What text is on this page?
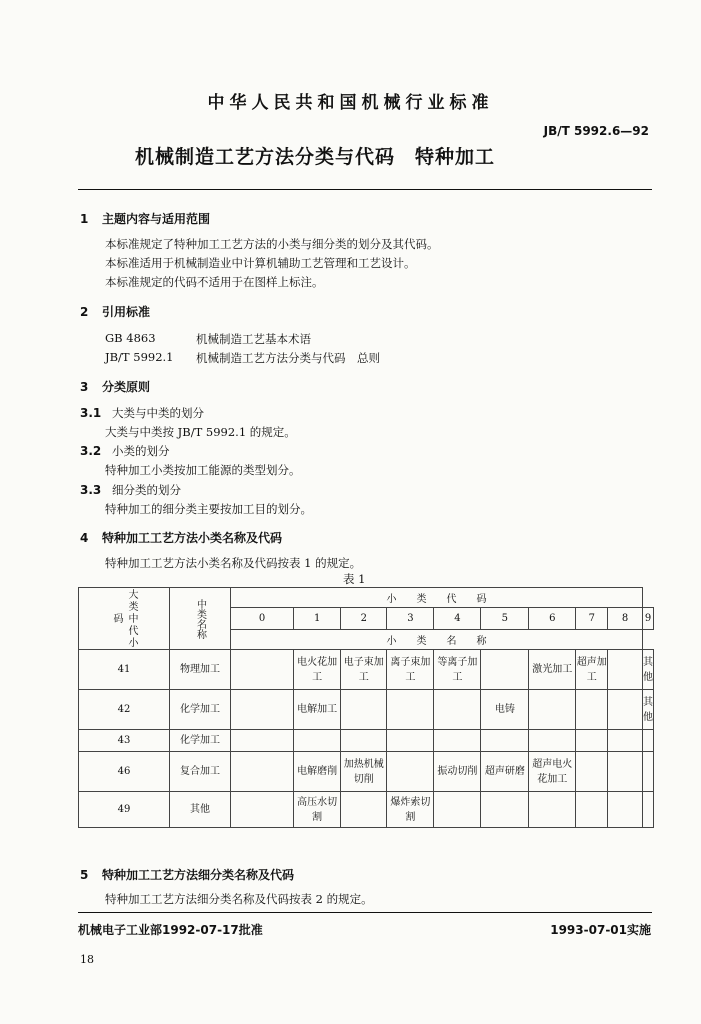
中华人民共和国机械行业标准
JB/T 5992.6—92
机械制造工艺方法分类与代码　特种加工
1 主题内容与适用范围
本标准规定了特种加工工艺方法的小类与细分类的划分及其代码。
本标准适用于机械制造业中计算机辅助工艺管理和工艺设计。
本标准规定的代码不适用于在图样上标注。
2 引用标准
GB 4863	机械制造工艺基本术语
JB/T 5992.1 机械制造工艺方法分类与代码　总则
3 分类原则
3.1 大类与中类的划分
大类与中类按 JB/T 5992.1 的规定。
3.2 小类的划分
特种加工小类按加工能源的类型划分。
3.3 细分类的划分
特种加工的细分类主要按加工目的划分。
4 特种加工工艺方法小类名称及代码
特种加工工艺方法小类名称及代码按表 1 的规定。
表 1
大类中代小码	中类名称	小　　类　　代　　码									
		0	1	2	3	4	5	6	7	8	9
		小　　类　　名　　称									
41	物理加工		电火花加工	电子束加工	离子束加工	等离子加工		激光加工	超声加工		其他
42	化学加工		电解加工				电铸				其他
43	化学加工										
46	复合加工		电解磨削	加热机械切削		振动切削	超声研磨	超声电火花加工			
49	其他		高压水切割		爆炸索切割						
5 特种加工工艺方法细分类名称及代码
特种加工工艺方法细分类名称及代码按表 2 的规定。
机械电子工业部1992-07-17批准	1993-07-01实施
18
